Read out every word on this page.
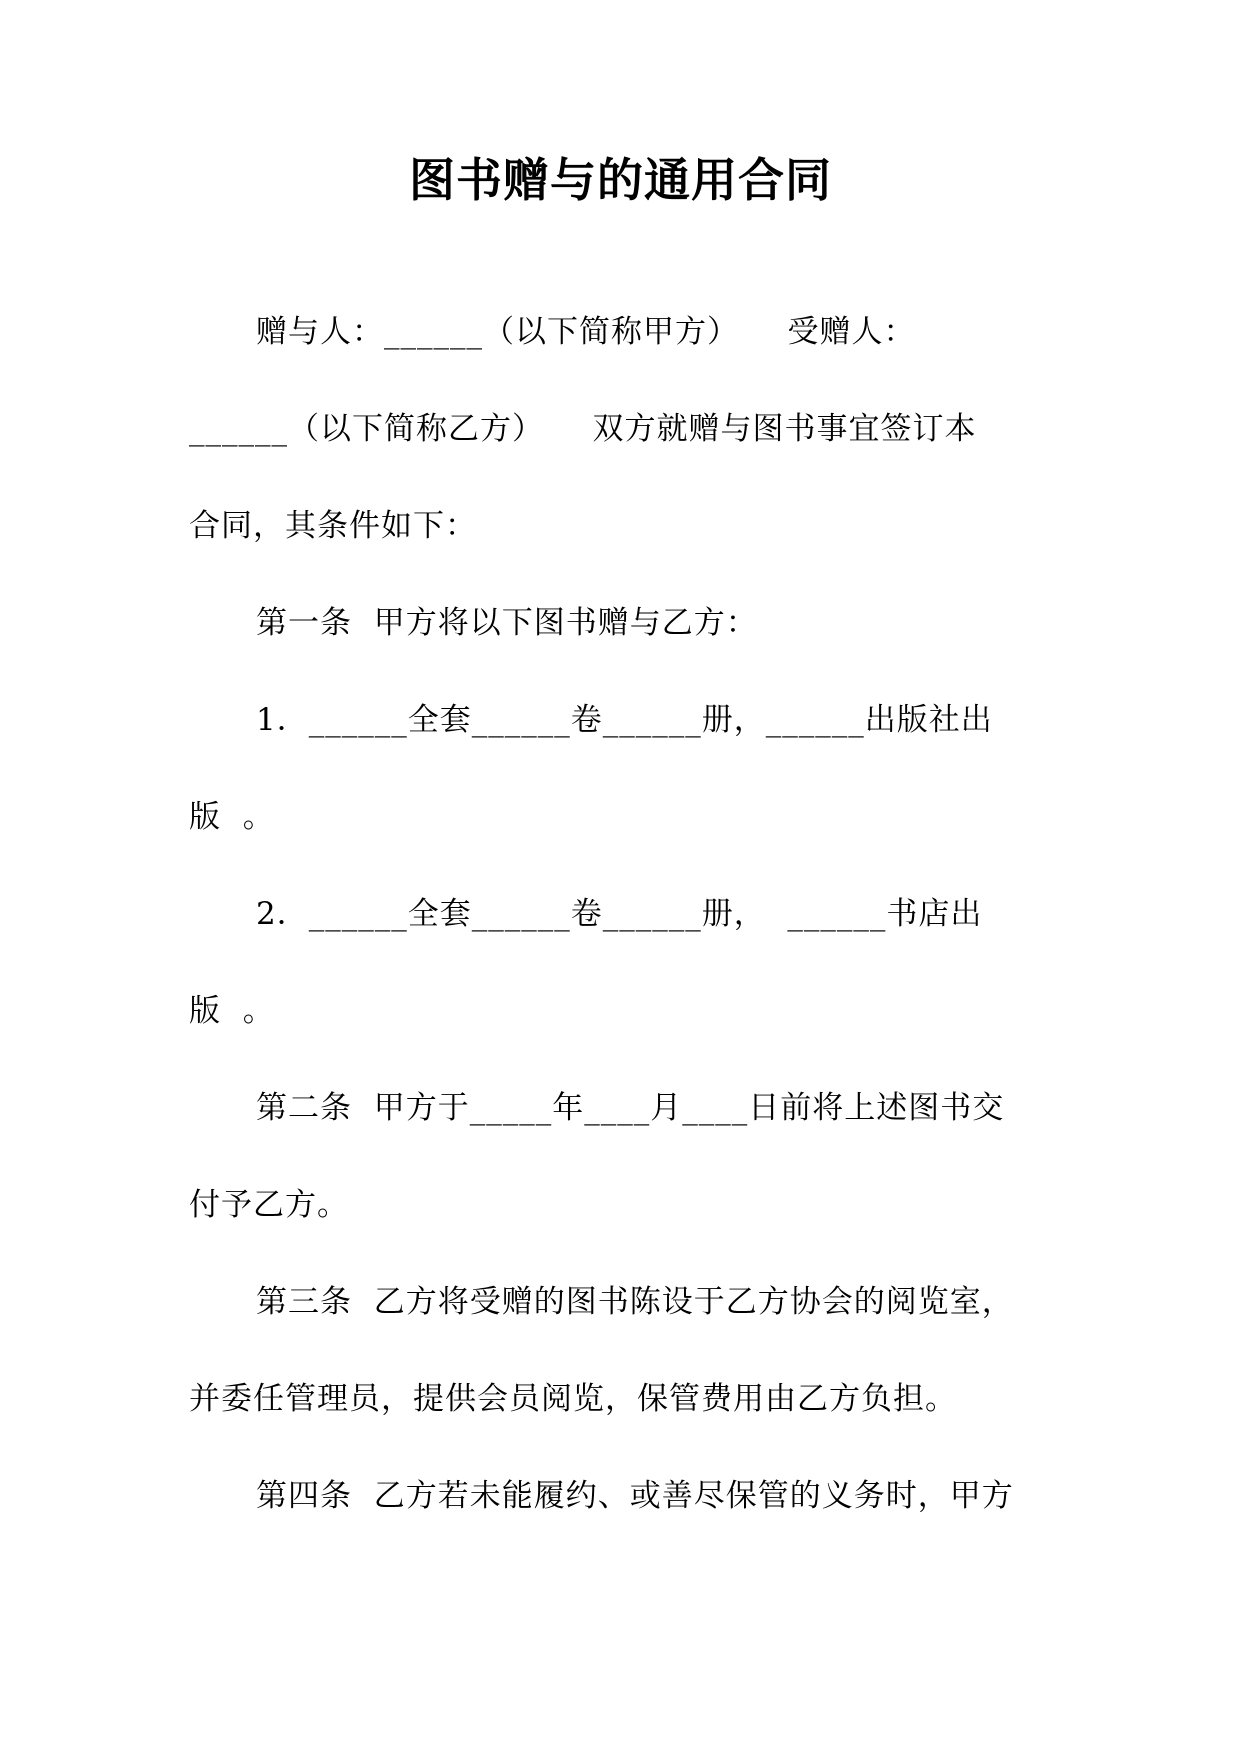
图书赠与的通用合同
赠与人：______（以下简称甲方）　　受赠人：
______（以下简称乙方）　　双方就赠与图书事宜签订本
合同，其条件如下：
第一条  甲方将以下图书赠与乙方：
1．______全套______卷______册，______出版社出
版  。
2．______全套______卷______册，  ______书店出
版  。
第二条  甲方于_____年____月____日前将上述图书交
付予乙方。
第三条  乙方将受赠的图书陈设于乙方协会的阅览室，
并委任管理员，提供会员阅览，保管费用由乙方负担。
第四条  乙方若未能履约、或善尽保管的义务时，甲方
